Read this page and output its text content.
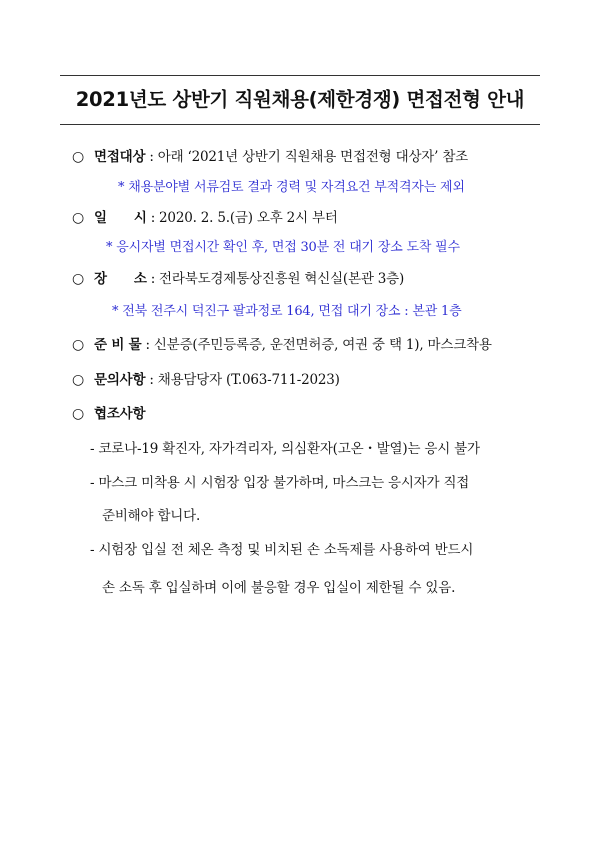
2021년도 상반기 직원채용(제한경쟁) 면접전형 안내
○ 면접대상 : 아래 ‘2021년 상반기 직원채용 면접전형 대상자’ 참조
* 채용분야별 서류검토 결과 경력 및 자격요건 부적격자는 제외
○ 일      시 : 2020. 2. 5.(금) 오후 2시 부터
* 응시자별 면접시간 확인 후, 면접 30분 전 대기 장소 도착 필수
○ 장      소 : 전라북도경제통상진흥원 혁신실(본관 3층)
* 전북 전주시 덕진구 팔과정로 164, 면접 대기 장소 : 본관 1층
○ 준 비 물 : 신분증(주민등록증, 운전면허증, 여권 중 택 1), 마스크착용
○ 문의사항 : 채용담당자 (T.063-711-2023)
○ 협조사항
- 코로나-19 확진자, 자가격리자, 의심환자(고온・발열)는 응시 불가
- 마스크 미착용 시 시험장 입장 불가하며, 마스크는 응시자가 직접
준비해야 합니다.
- 시험장 입실 전 체온 측정 및 비치된 손 소독제를 사용하여 반드시
손 소독 후 입실하며 이에 불응할 경우 입실이 제한될 수 있음.
